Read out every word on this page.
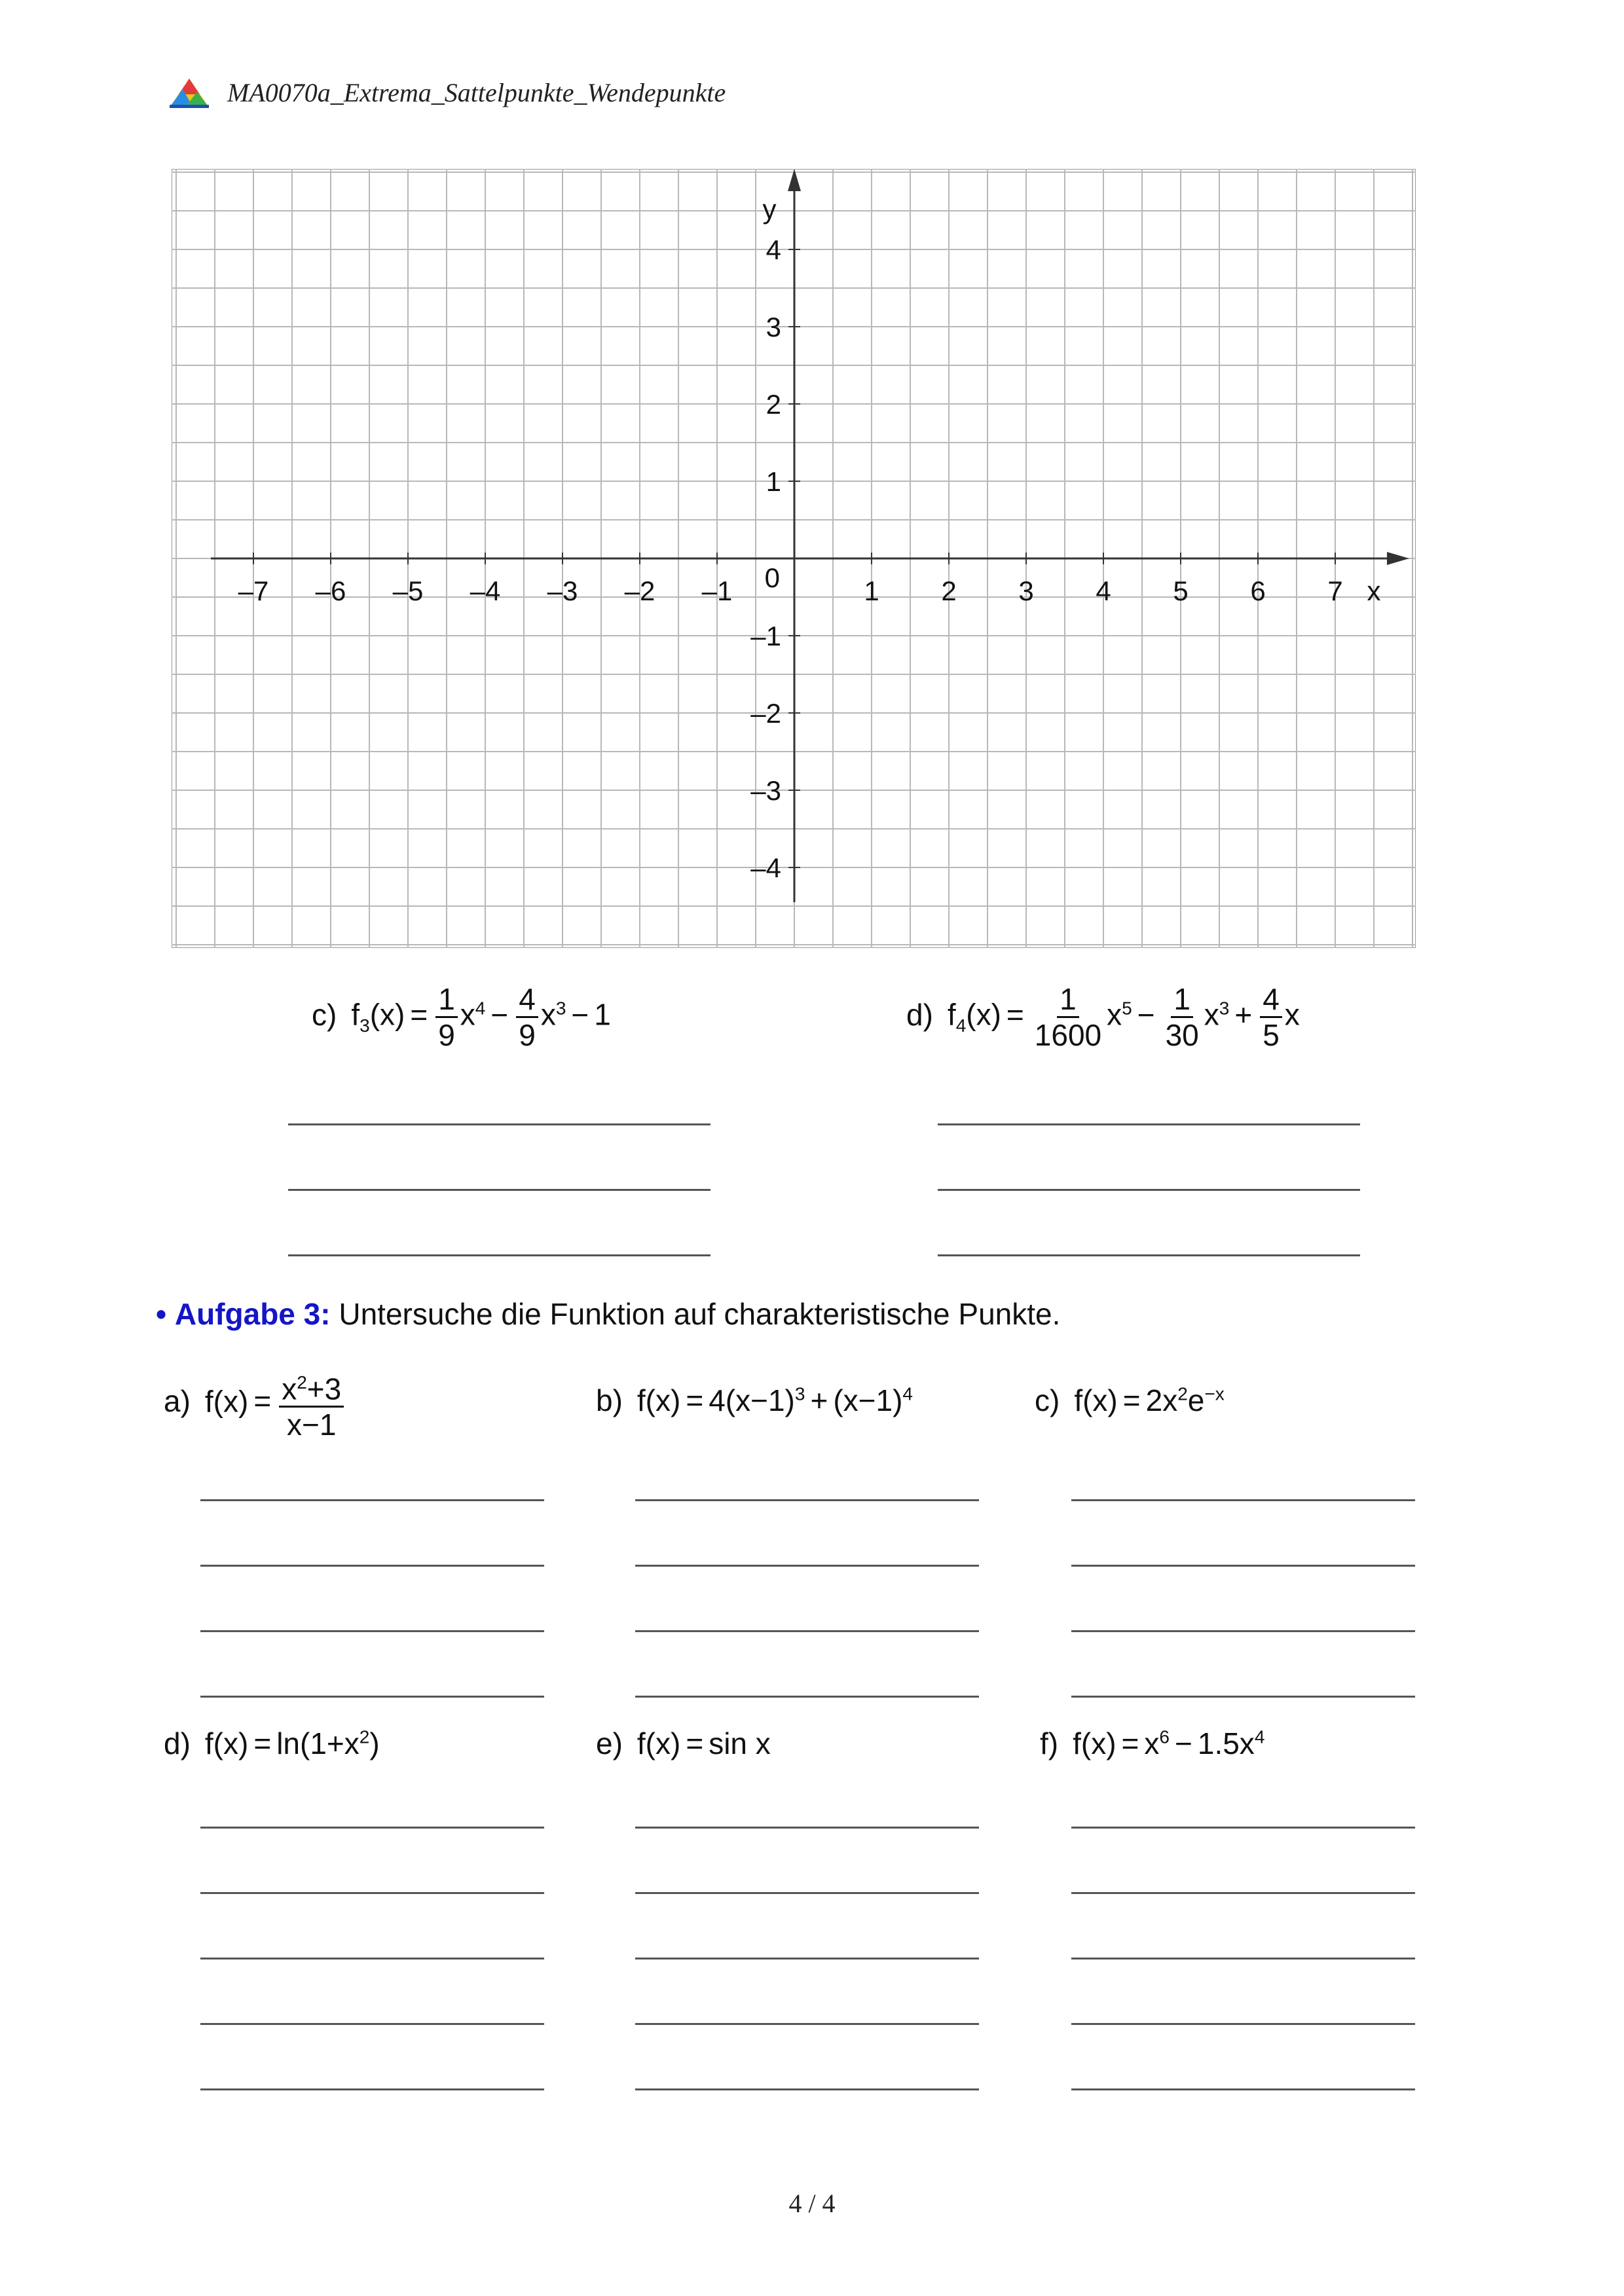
MA0070a_Extrema_Sattelpunkte_Wendepunkte
–7 –6 –5 –4 –3 –2 –1	1 2 3 4 5 6 7
4
3
2
1
–1
–2
–3
–4
0	x
y
c) $f_3(x) = \frac{1}{9} x^4 - \frac{4}{9} x^3 - 1$	d) $f_4(x) = \frac{1}{1600} x^5 - \frac{1}{30} x^3 + \frac{4}{5}$ x
• Aufgabe 3: Untersuche die Funktion auf charakteristische Punkte.
a) $f(x) = \frac{x^2+3}{x-1}$	b) $f(x) = 4(x-1)^3 + (x-1)^4$	c) $f(x) = 2x^2e^{-x}$
d) $f(x) = \ln(1+x^2)$	e) f(x) = sin x	f) $f(x) = x^6 - 1.5x^4$
4 / 4
